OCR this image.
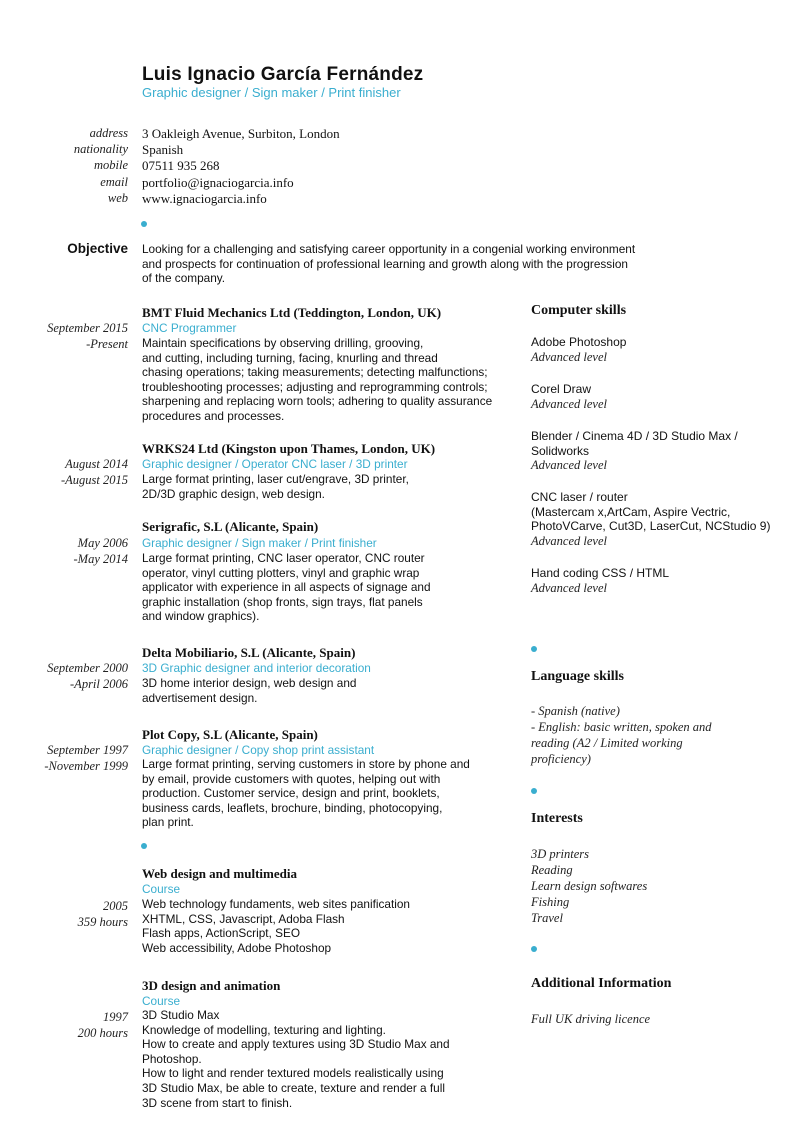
Luis Ignacio García Fernández
Graphic designer / Sign maker / Print finisher
address 3 Oakleigh Avenue, Surbiton, London
nationality Spanish
mobile 07511 935 268
email portfolio@ignaciogarcia.info
web www.ignaciogarcia.info
Objective Looking for a challenging and satisfying career opportunity in a congenial working environment
and prospects for continuation of professional learning and growth along with the progression
of the company.
BMT Fluid Mechanics Ltd (Teddington, London, UK)
CNC Programmer
September 2015
-Present Maintain specifications by observing drilling, grooving,
and cutting, including turning, facing, knurling and thread
chasing operations; taking measurements; detecting malfunctions;
troubleshooting processes; adjusting and reprogramming controls;
sharpening and replacing worn tools; adhering to quality assurance
procedures and processes.
WRKS24 Ltd (Kingston upon Thames, London, UK)
Graphic designer / Operator CNC laser / 3D printer
August 2014
-August 2015 Large format printing, laser cut/engrave, 3D printer,
2D/3D graphic design, web design.
Serigrafic, S.L (Alicante, Spain)
Graphic designer / Sign maker / Print finisher
May 2006
-May 2014 Large format printing, CNC laser operator, CNC router
operator, vinyl cutting plotters, vinyl and graphic wrap
applicator with experience in all aspects of signage and
graphic installation (shop fronts, sign trays, flat panels
and window graphics).
Delta Mobiliario, S.L (Alicante, Spain)
3D Graphic designer and interior decoration
September 2000
-April 2006 3D home interior design, web design and
advertisement design.
Plot Copy, S.L (Alicante, Spain)
Graphic designer / Copy shop print assistant
September 1997
-November 1999 Large format printing, serving customers in store by phone and
by email, provide customers with quotes, helping out with
production. Customer service, design and print, booklets,
business cards, leaflets, brochure, binding, photocopying,
plan print.
Web design and multimedia
Course
2005
359 hours
Web technology fundaments, web sites panification
XHTML, CSS, Javascript, Adoba Flash
Flash apps, ActionScript, SEO
Web accessibility, Adobe Photoshop
3D design and animation
Course
1997
200 hours
3D Studio Max
Knowledge of modelling, texturing and lighting.
How to create and apply textures using 3D Studio Max and
Photoshop.
How to light and render textured models realistically using
3D Studio Max, be able to create, texture and render a full
3D scene from start to finish.
Computer skills
Adobe Photoshop
Advanced level
Corel Draw
Advanced level
Blender / Cinema 4D / 3D Studio Max /
Solidworks
Advanced level
CNC laser / router
(Mastercam x,ArtCam, Aspire Vectric,
PhotoVCarve, Cut3D, LaserCut, NCStudio 9)
Advanced level
Hand coding CSS / HTML
Advanced level
Language skills
- Spanish (native)
- English: basic written, spoken and
reading (A2 / Limited working
proficiency)
Interests
3D printers
Reading
Learn design softwares
Fishing
Travel
Additional Information
Full UK driving licence
